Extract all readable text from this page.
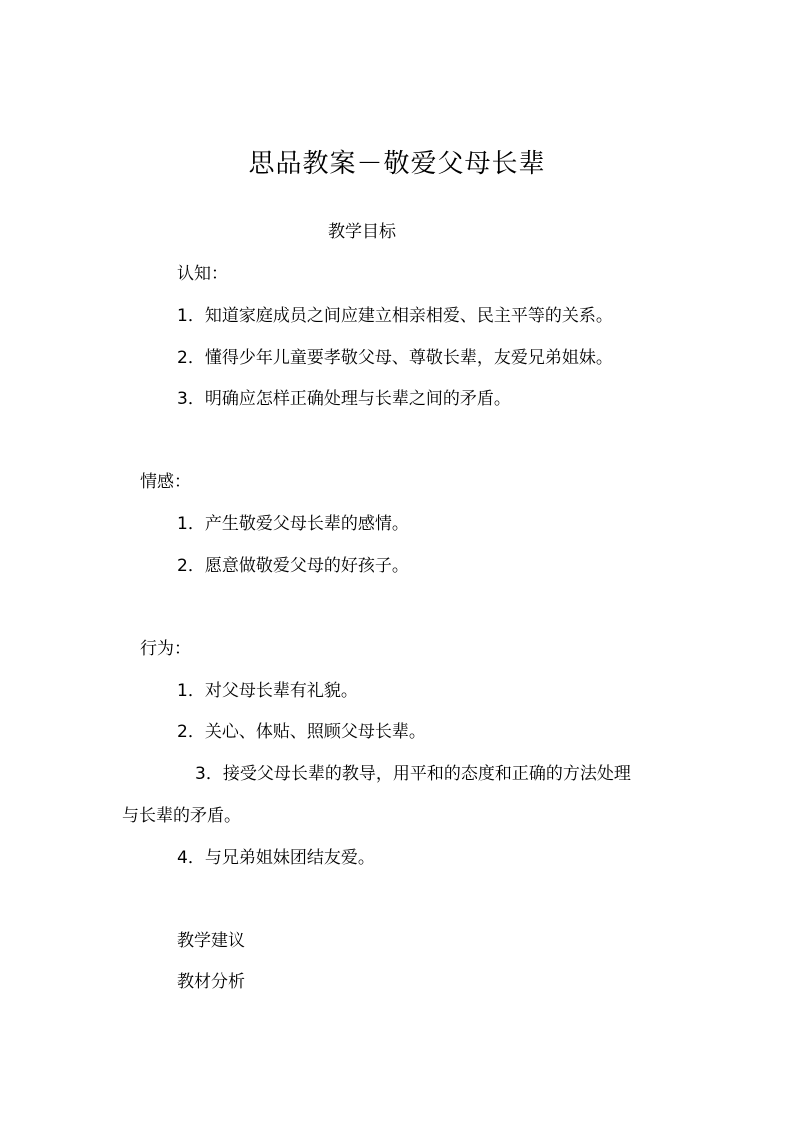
思品教案－敬爱父母长辈
教学目标
认知：
1．知道家庭成员之间应建立相亲相爱、民主平等的关系。
2．懂得少年儿童要孝敬父母、尊敬长辈，友爱兄弟姐妹。
3．明确应怎样正确处理与长辈之间的矛盾。
情感：
1．产生敬爱父母长辈的感情。
2．愿意做敬爱父母的好孩子。
行为：
1．对父母长辈有礼貌。
2．关心、体贴、照顾父母长辈。
3．接受父母长辈的教导，用平和的态度和正确的方法处理
与长辈的矛盾。
4．与兄弟姐妹团结友爱。
教学建议
教材分析
